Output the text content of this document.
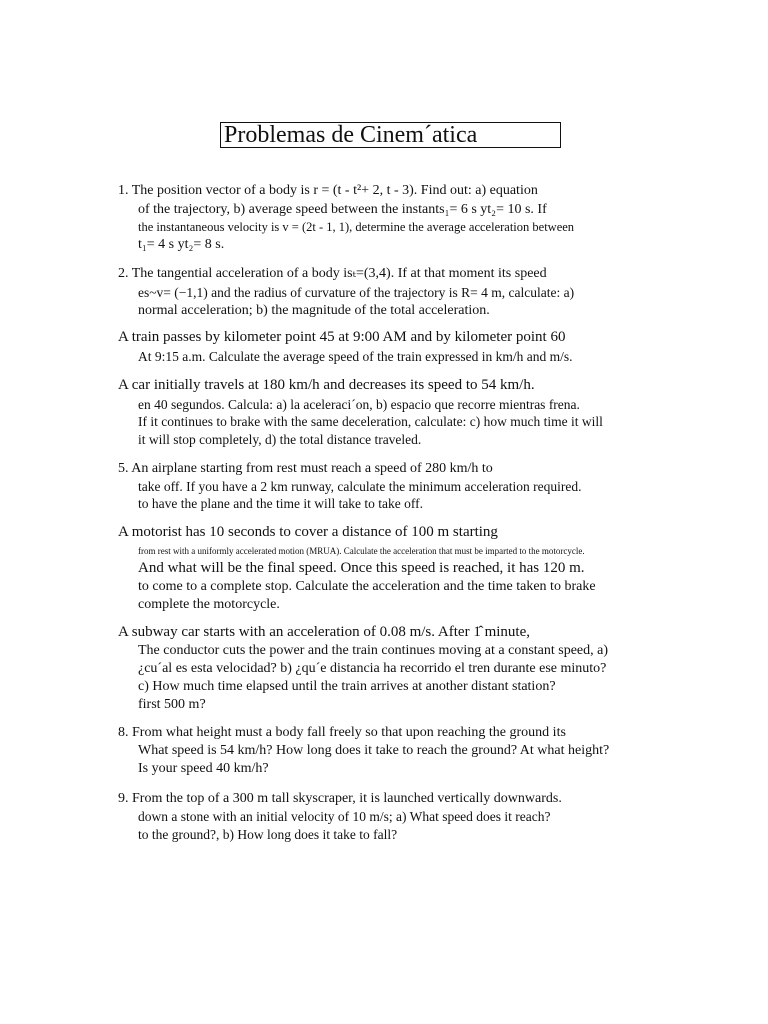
Problemas de Cinem´atica
1. The position vector of a body is r = (t - t²+ 2, t - 3). Find out: a) equation
of the trajectory, b) average speed between the instants₁= 6 s yt₂= 10 s. If
the instantaneous velocity is v = (2t - 1, 1), determine the average acceleration between
t₁= 4 s yt₂= 8 s.
2. The tangential acceleration of a body isₜ=(3,4). If at that moment its speed
es~v= (−1,1) and the radius of curvature of the trajectory is R= 4 m, calculate: a)
normal acceleration; b) the magnitude of the total acceleration.
A train passes by kilometer point 45 at 9:00 AM and by kilometer point 60
At 9:15 a.m. Calculate the average speed of the train expressed in km/h and m/s.
A car initially travels at 180 km/h and decreases its speed to 54 km/h.
en 40 segundos. Calcula: a) la aceleraci´on, b) espacio que recorre mientras frena.
If it continues to brake with the same deceleration, calculate: c) how much time it will
it will stop completely, d) the total distance traveled.
5. An airplane starting from rest must reach a speed of 280 km/h to
take off. If you have a 2 km runway, calculate the minimum acceleration required.
to have the plane and the time it will take to take off.
A motorist has 10 seconds to cover a distance of 100 m starting
from rest with a uniformly accelerated motion (MRUA). Calculate the acceleration that must be imparted to the motorcycle.
And what will be the final speed. Once this speed is reached, it has 120 m.
to come to a complete stop. Calculate the acceleration and the time taken to brake
complete the motorcycle.
A subway car starts with an acceleration of 0.08 m/s. After 1̂ minute,
The conductor cuts the power and the train continues moving at a constant speed, a)
¿cu´al es esta velocidad? b) ¿qu´e distancia ha recorrido el tren durante ese minuto?
c) How much time elapsed until the train arrives at another distant station?
first 500 m?
8. From what height must a body fall freely so that upon reaching the ground its
What speed is 54 km/h? How long does it take to reach the ground? At what height?
Is your speed 40 km/h?
9. From the top of a 300 m tall skyscraper, it is launched vertically downwards.
down a stone with an initial velocity of 10 m/s; a) What speed does it reach?
to the ground?, b) How long does it take to fall?
